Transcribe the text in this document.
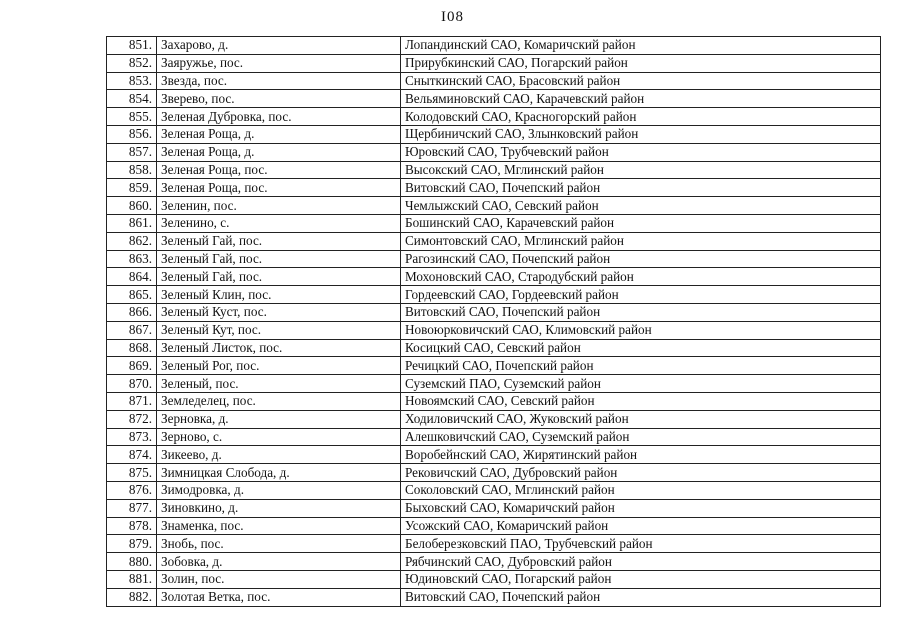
I08
851.	Захарово, д.	Лопандинский САО, Комаричский район
852.	Заяружье, пос.	Прирубкинский САО, Погарский район
853.	Звезда, пос.	Сныткинский САО, Брасовский район
854.	Зверево, пос.	Вельяминовский САО, Карачевский район
855.	Зеленая Дубровка, пос.	Колодовский САО, Красногорский район
856.	Зеленая Роща, д.	Щербиничский САО, Злынковский район
857.	Зеленая Роща, д.	Юровский САО, Трубчевский район
858.	Зеленая Роща, пос.	Высокский САО, Мглинский район
859.	Зеленая Роща, пос.	Витовский САО, Почепский район
860.	Зеленин, пос.	Чемлыжский САО, Севский район
861.	Зеленино, с.	Бошинский САО, Карачевский район
862.	Зеленый Гай, пос.	Симонтовский САО, Мглинский район
863.	Зеленый Гай, пос.	Рагозинский САО, Почепский район
864.	Зеленый Гай, пос.	Мохоновский САО, Стародубский район
865.	Зеленый Клин, пос.	Гордеевский САО, Гордеевский район
866.	Зеленый Куст, пос.	Витовский САО, Почепский район
867.	Зеленый Кут, пос.	Новоюрковичский САО, Климовский район
868.	Зеленый Листок, пос.	Косицкий САО, Севский район
869.	Зеленый Рог, пос.	Речицкий САО, Почепский район
870.	Зеленый, пос.	Суземский ПАО, Суземский район
871.	Земледелец, пос.	Новоямский САО, Севский район
872.	Зерновка, д.	Ходиловичский САО, Жуковский район
873.	Зерново, с.	Алешковичский САО, Суземский район
874.	Зикеево, д.	Воробейнский САО, Жирятинский район
875.	Зимницкая Слобода, д.	Рековичский САО, Дубровский район
876.	Зимодровка, д.	Соколовский САО, Мглинский район
877.	Зиновкино, д.	Быховский САО, Комаричский район
878.	Знаменка, пос.	Усожский САО, Комаричский район
879.	Знобь, пос.	Белоберезковский ПАО, Трубчевский район
880.	Зобовка, д.	Рябчинский САО, Дубровский район
881.	Золин, пос.	Юдиновский САО, Погарский район
882.	Золотая Ветка, пос.	Витовский САО, Почепский район
